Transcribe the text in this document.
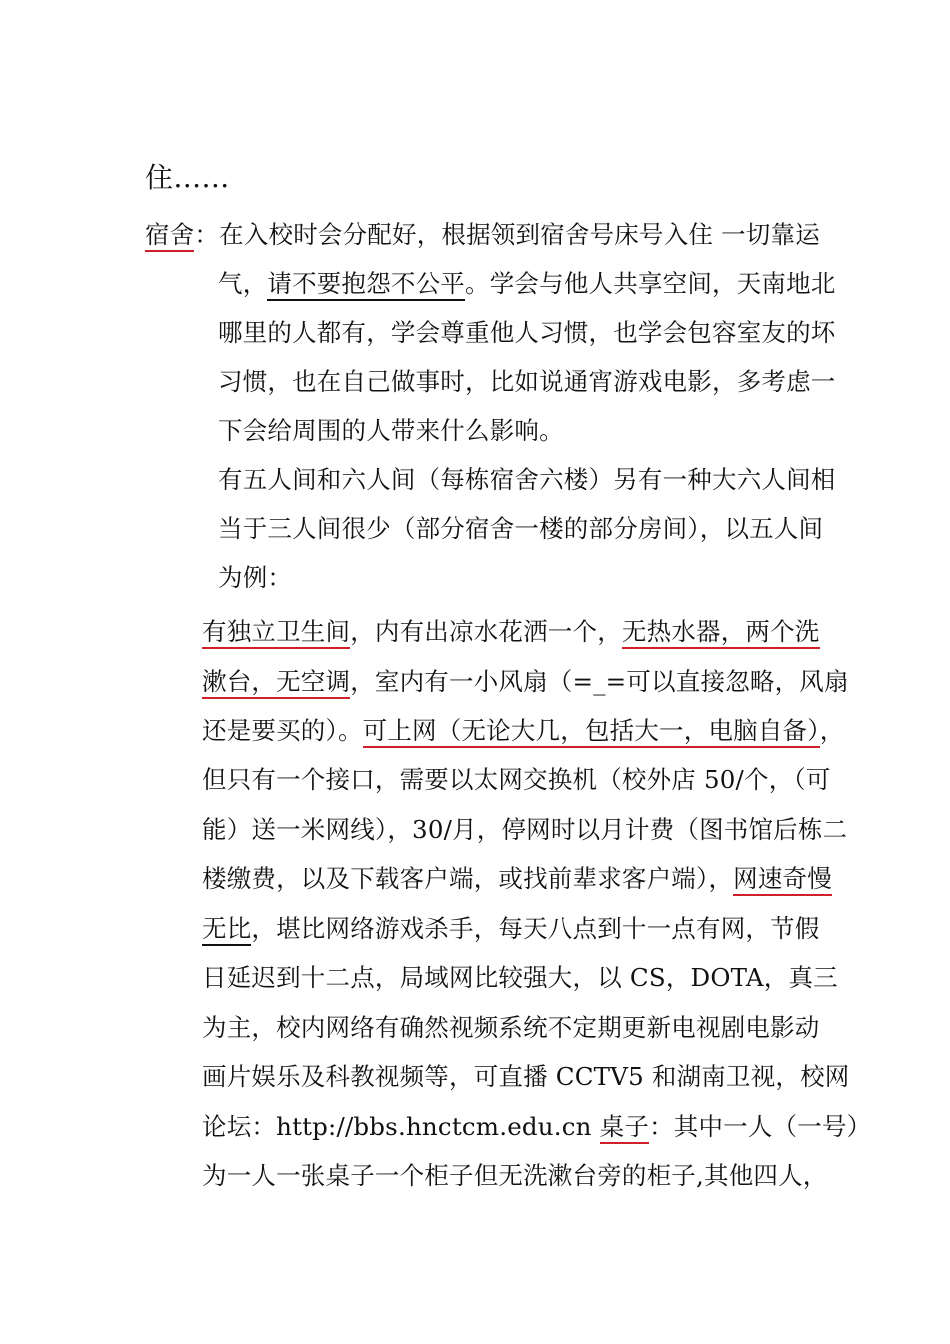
住……
宿舍：在入校时会分配好，根据领到宿舍号床号入住 一切靠运
气，请不要抱怨不公平。学会与他人共享空间，天南地北
哪里的人都有，学会尊重他人习惯，也学会包容室友的坏
习惯，也在自己做事时，比如说通宵游戏电影，多考虑一
下会给周围的人带来什么影响。
有五人间和六人间（每栋宿舍六楼）另有一种大六人间相
当于三人间很少（部分宿舍一楼的部分房间），以五人间
为例：
有独立卫生间，内有出凉水花洒一个，无热水器，两个洗
漱台，无空调，室内有一小风扇（=_=可以直接忽略，风扇
还是要买的）。可上网（无论大几，包括大一，电脑自备），
但只有一个接口，需要以太网交换机（校外店 50/个，（可
能）送一米网线），30/月，停网时以月计费（图书馆后栋二
楼缴费，以及下载客户端，或找前辈求客户端），网速奇慢
无比，堪比网络游戏杀手，每天八点到十一点有网，节假
日延迟到十二点，局域网比较强大，以 CS，DOTA，真三
为主，校内网络有确然视频系统不定期更新电视剧电影动
画片娱乐及科教视频等，可直播 CCTV5 和湖南卫视，校网
论坛：http://bbs.hnctcm.edu.cn 桌子：其中一人（一号）
为一人一张桌子一个柜子但无洗漱台旁的柜子,其他四人，
